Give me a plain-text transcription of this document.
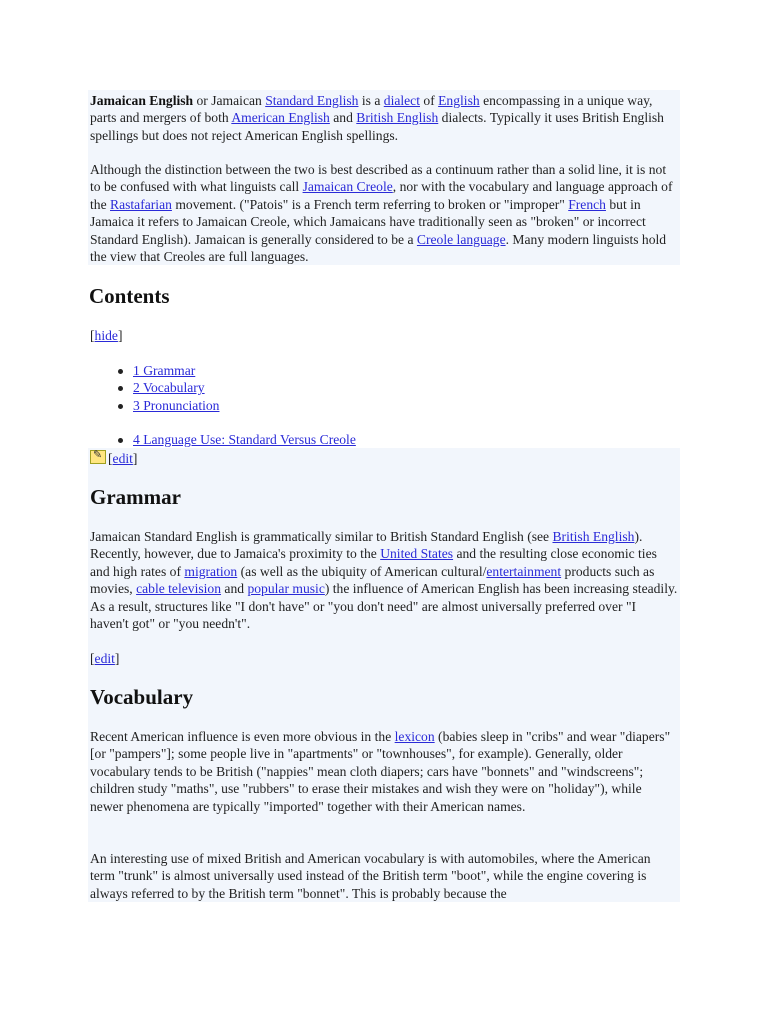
Jamaican English or Jamaican Standard English is a dialect of English encompassing in a unique way, parts and mergers of both American English and British English dialects. Typically it uses British English spellings but does not reject American English spellings.

Although the distinction between the two is best described as a continuum rather than a solid line, it is not to be confused with what linguists call Jamaican Creole, nor with the vocabulary and language approach of the Rastafarian movement. ("Patois" is a French term referring to broken or "improper" French but in Jamaica it refers to Jamaican Creole, which Jamaicans have traditionally seen as "broken" or incorrect Standard English). Jamaican is generally considered to be a Creole language. Many modern linguists hold the view that Creoles are full languages.

Contents
[hide]
1 Grammar
2 Vocabulary
3 Pronunciation
4 Language Use: Standard Versus Creole
✎ [edit]
Grammar

Jamaican Standard English is grammatically similar to British Standard English (see British English). Recently, however, due to Jamaica's proximity to the United States and the resulting close economic ties and high rates of migration (as well as the ubiquity of American cultural/entertainment products such as movies, cable television and popular music) the influence of American English has been increasing steadily. As a result, structures like "I don't have" or "you don't need" are almost universally preferred over "I haven't got" or "you needn't".

[edit]
Vocabulary

Recent American influence is even more obvious in the lexicon (babies sleep in "cribs" and wear "diapers" [or "pampers"]; some people live in "apartments" or "townhouses", for example). Generally, older vocabulary tends to be British ("nappies" mean cloth diapers; cars have "bonnets" and "windscreens"; children study "maths", use "rubbers" to erase their mistakes and wish they were on "holiday"), while newer phenomena are typically "imported" together with their American names.

An interesting use of mixed British and American vocabulary is with automobiles, where the American term "trunk" is almost universally used instead of the British term "boot", while the engine covering is always referred to by the British term "bonnet". This is probably because the
